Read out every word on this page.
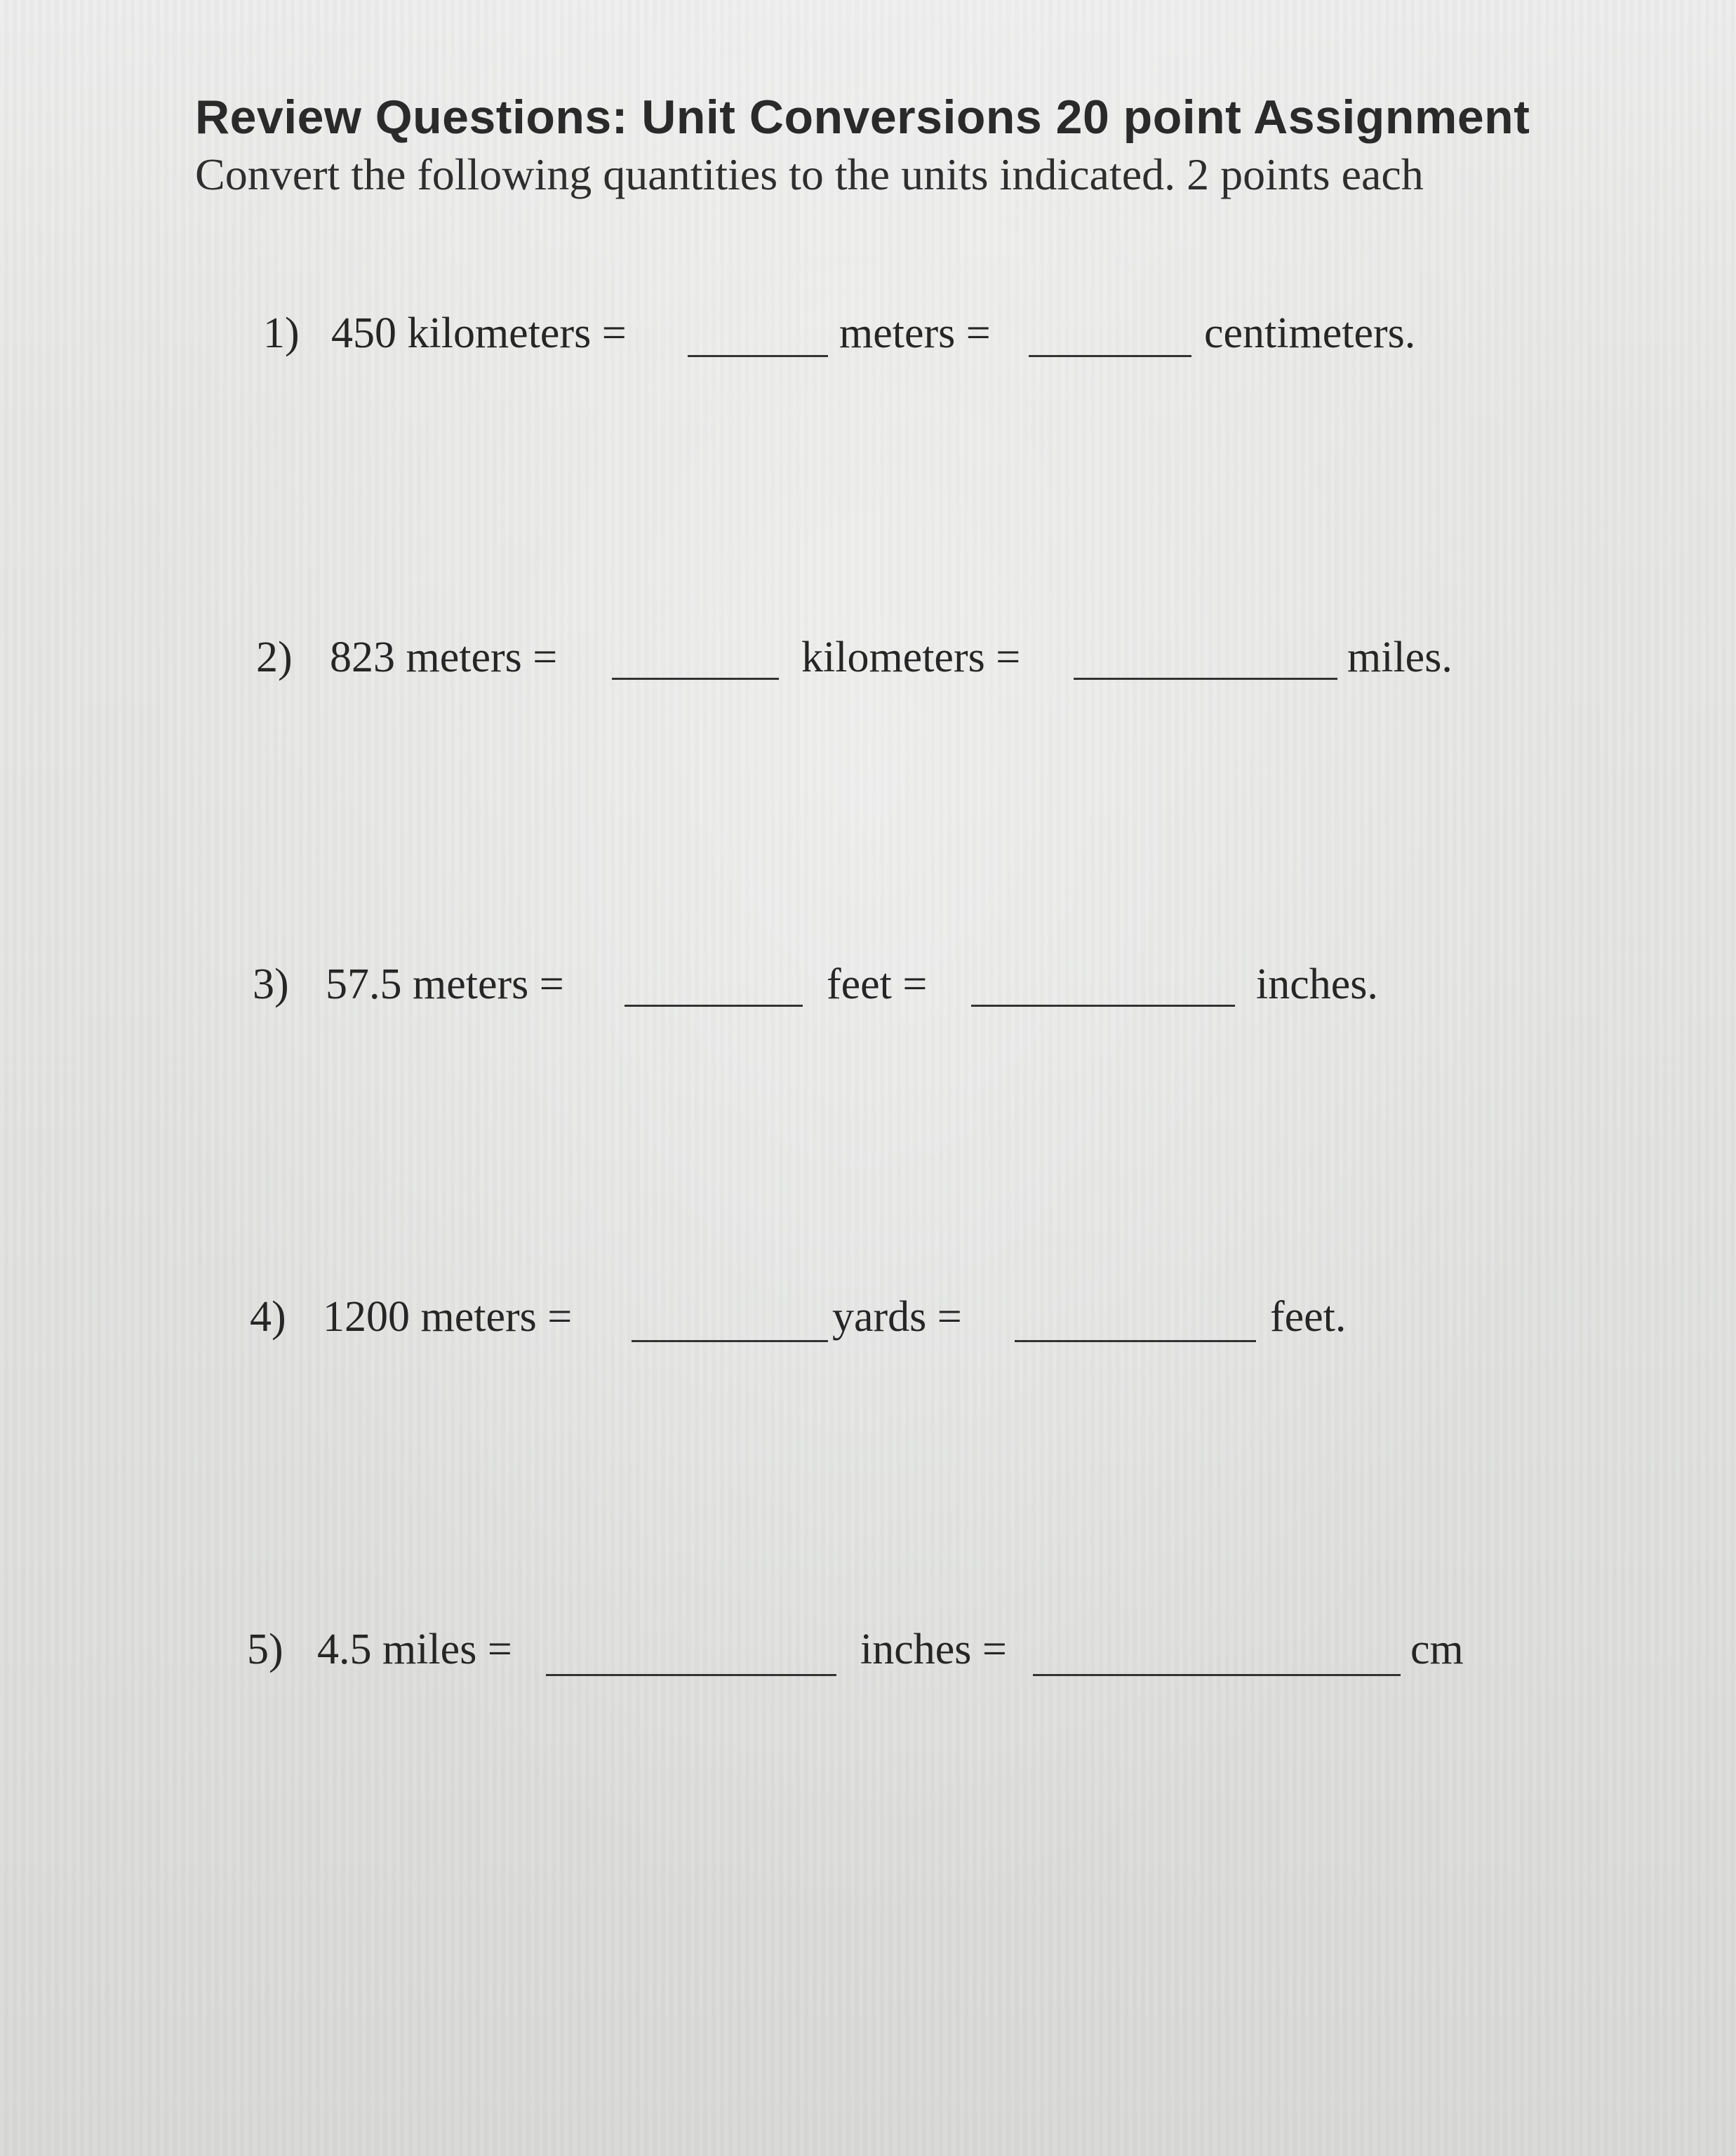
Review Questions: Unit Conversions 20 point Assignment
Convert the following quantities to the units indicated. 2 points each
1) 450 kilometers =	meters =	centimeters.
2) 823 meters =	kilometers =	miles.
3) 57.5 meters =	feet =	inches.
4) 1200 meters =	yards =	feet.
5) 4.5 miles =	inches =	cm
